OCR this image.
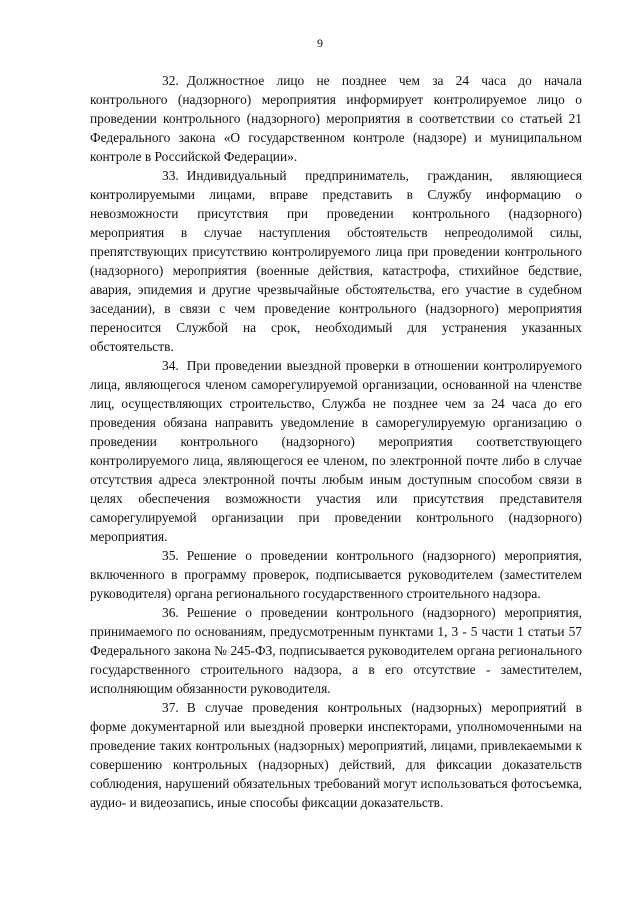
9

32. Должностное лицо не позднее чем за 24 часа до начала контрольного (надзорного) мероприятия информирует контролируемое лицо о проведении контрольного (надзорного) мероприятия в соответствии со статьей 21 Федерального закона «О государственном контроле (надзоре) и муниципальном контроле в Российской Федерации».

33. Индивидуальный предприниматель, гражданин, являющиеся контролируемыми лицами, вправе представить в Службу информацию о невозможности присутствия при проведении контрольного (надзорного) мероприятия в случае наступления обстоятельств непреодолимой силы, препятствующих присутствию контролируемого лица при проведении контрольного (надзорного) мероприятия (военные действия, катастрофа, стихийное бедствие, авария, эпидемия и другие чрезвычайные обстоятельства, его участие в судебном заседании), в связи с чем проведение контрольного (надзорного) мероприятия переносится Службой на срок, необходимый для устранения указанных обстоятельств.

34. При проведении выездной проверки в отношении контролируемого лица, являющегося членом саморегулируемой организации, основанной на членстве лиц, осуществляющих строительство, Служба не позднее чем за 24 часа до его проведения обязана направить уведомление в саморегулируемую организацию о проведении контрольного (надзорного) мероприятия соответствующего контролируемого лица, являющегося ее членом, по электронной почте либо в случае отсутствия адреса электронной почты любым иным доступным способом связи в целях обеспечения возможности участия или присутствия представителя саморегулируемой организации при проведении контрольного (надзорного) мероприятия.

35. Решение о проведении контрольного (надзорного) мероприятия, включенного в программу проверок, подписывается руководителем (заместителем руководителя) органа регионального государственного строительного надзора.

36. Решение о проведении контрольного (надзорного) мероприятия, принимаемого по основаниям, предусмотренным пунктами 1, 3 - 5 части 1 статьи 57 Федерального закона № 245-ФЗ, подписывается руководителем органа регионального государственного строительного надзора, а в его отсутствие - заместителем, исполняющим обязанности руководителя.

37. В случае проведения контрольных (надзорных) мероприятий в форме документарной или выездной проверки инспекторами, уполномоченными на проведение таких контрольных (надзорных) мероприятий, лицами, привлекаемыми к совершению контрольных (надзорных) действий, для фиксации доказательств соблюдения, нарушений обязательных требований могут использоваться фотосъемка, аудио- и видеозапись, иные способы фиксации доказательств.
